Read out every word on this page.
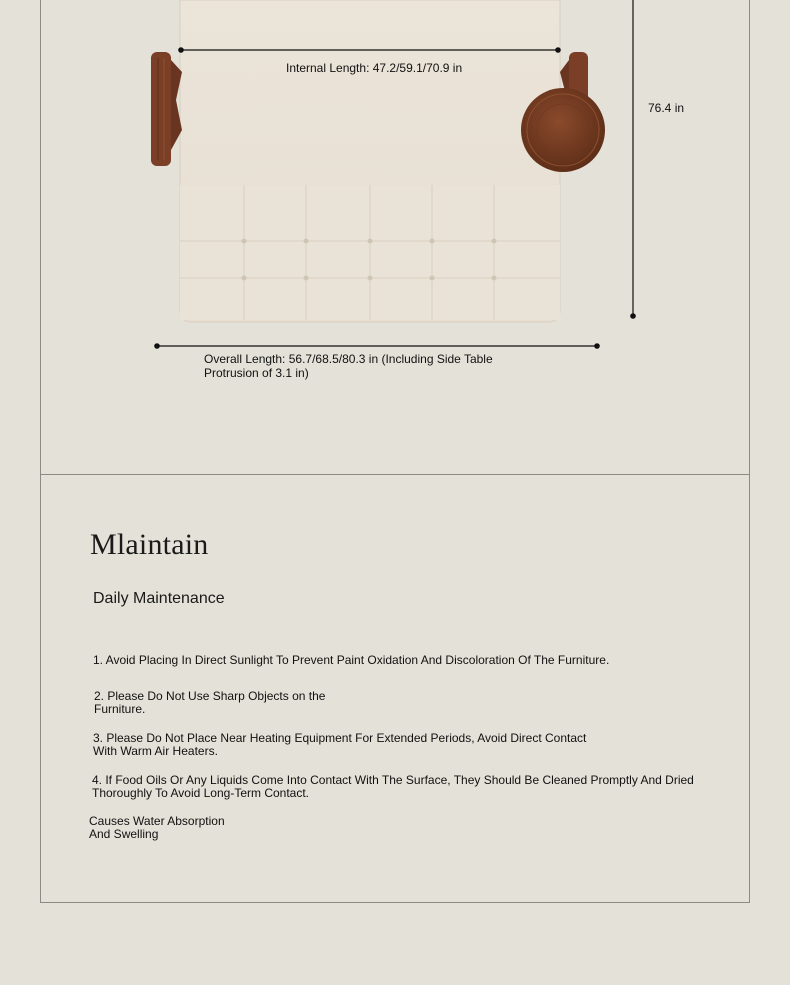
Internal Length: 47.2/59.1/70.9 in
76.4 in
Overall Length: 56.7/68.5/80.3 in (Including Side Table
Protrusion of 3.1 in)
Mlaintain
Daily Maintenance
1. Avoid Placing In Direct Sunlight To Prevent Paint Oxidation And Discoloration Of The Furniture.
2. Please Do Not Use Sharp Objects on the
Furniture.
3. Please Do Not Place Near Heating Equipment For Extended Periods, Avoid Direct Contact
With Warm Air Heaters.
4. If Food Oils Or Any Liquids Come Into Contact With The Surface, They Should Be Cleaned Promptly And Dried
Thoroughly To Avoid Long-Term Contact.
Causes Water Absorption
And Swelling
